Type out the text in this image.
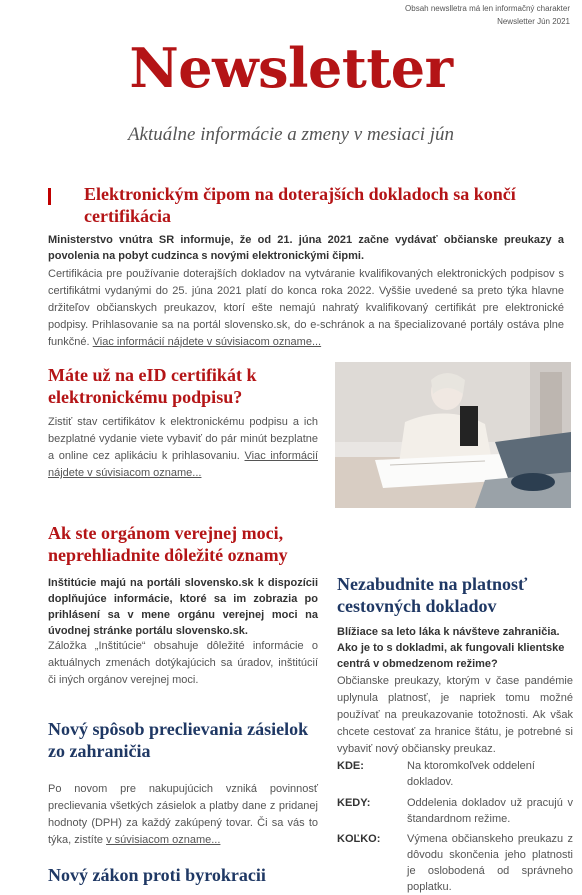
Obsah newslletra má len informačný charakter
Newsletter Jún 2021
Newsletter
Aktuálne informácie a zmeny v mesiaci jún
Elektronickým čipom na doterajších dokladoch sa končí certifikácia
Ministerstvo vnútra SR informuje, že od 21. júna 2021 začne vydávať občianske preukazy a povolenia na pobyt cudzinca s novými elektronickými čipmi.
Certifikácia pre používanie doterajších dokladov na vytváranie kvalifikovaných elektronických podpisov s certifikátmi vydanými do 25. júna 2021 platí do konca roka 2022. Vyššie uvedené sa preto týka hlavne držiteľov občianskych preukazov, ktorí ešte nemajú nahratý kvalifikovaný certifikát pre elektronické podpisy. Prihlasovanie sa na portál slovensko.sk, do e-schránok a na špecializované portály ostáva plne funkčné. Viac informácií nájdete v súvisiacom oznamе...
Máte už na eID certifikát k elektronickému podpisu?
Zistiť stav certifikátov k elektronickému podpisu a ich bezplatné vydanie viete vybaviť do pár minút bezplatne a online cez aplikáciu k prihlasovaniu. Viac informácií nájdete v súvisiacom oznamе...
Ak ste orgánom verejnej moci, neprehliadnite dôležité oznamy
Inštitúcie majú na portáli slovensko.sk k dispozícii doplňujúce informácie, ktoré sa im zobrazia po prihlásení sa v mene orgánu verejnej moci na úvodnej stránke portálu slovensko.sk.
Záložka „Inštitúcie“ obsahuje dôležité informácie o aktuálnych zmenách dotýkajúcich sa úradov, inštitúcií či iných orgánov verejnej moci.
Nový spôsob preclievania zásielok zo zahraničia
Po novom pre nakupujúcich vzniká povinnosť preclievania všetkých zásielok a platby dane z pridanej hodnoty (DPH) za každý zakúpený tovar. Či sa vás to týka, zistíte v súvisiacom oznamе...
Nový zákon proti byrokracii
Nezabudnite na platnosť cestovných dokladov
Blížiace sa leto láka k návšteve zahraničia. Ako je to s dokladmi, ak fungovali klientske centrá v obmedzenom režime?
Občianske preukazy, ktorým v čase pandémie uplynula platnosť, je napriek tomu možné používať na preukazovanie totožnosti. Ak však chcete cestovať za hranice štátu, je potrebné si vybaviť nový občiansky preukaz.
KDE:	Na ktoromkoľvek oddelení dokladov.
KEDY:	Oddelenia dokladov už pracujú v štandardnom režime.
KOĽKO: Výmena občianskeho preukazu z dôvodu skončenia jeho platnosti je oslobodená od správneho poplatku.
